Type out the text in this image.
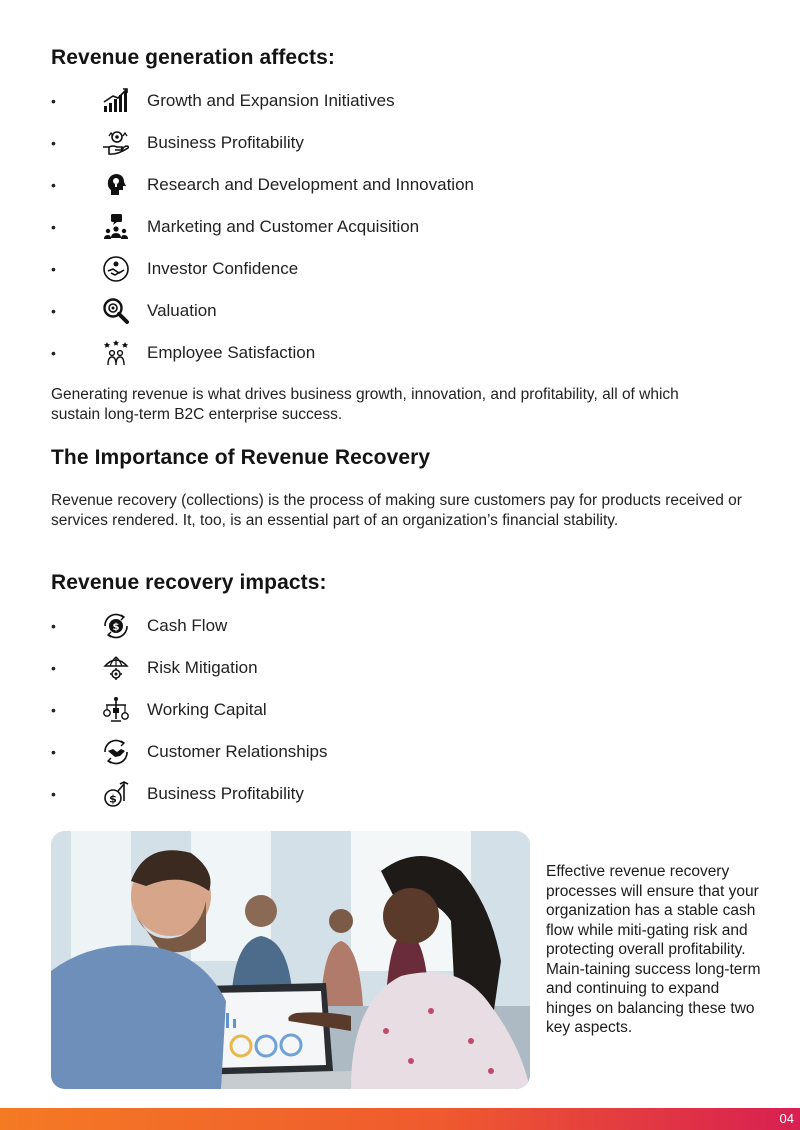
Revenue generation affects:
•	Growth and Expansion Initiatives
•	Business Profitability
•	Research and Development and Innovation
•	Marketing and Customer Acquisition
•	Investor Confidence
•	Valuation
•	Employee Satisfaction

Generating revenue is what drives business growth, innovation, and profitability, all of which sustain long-term B2C enterprise success.

The Importance of Revenue Recovery

Revenue recovery (collections) is the process of making sure customers pay for products received or services rendered. It, too, is an essential part of an organization’s financial stability.

Revenue recovery impacts:
•	$ Cash Flow
•	Risk Mitigation
•	Working Capital
•	Customer Relationships
•	$ Business Profitability

Effective revenue recovery processes will ensure that your organization has a stable cash flow while miti-gating risk and protecting overall profitability. Main-taining success long-term and continuing to expand hinges on balancing these two key aspects.

04
